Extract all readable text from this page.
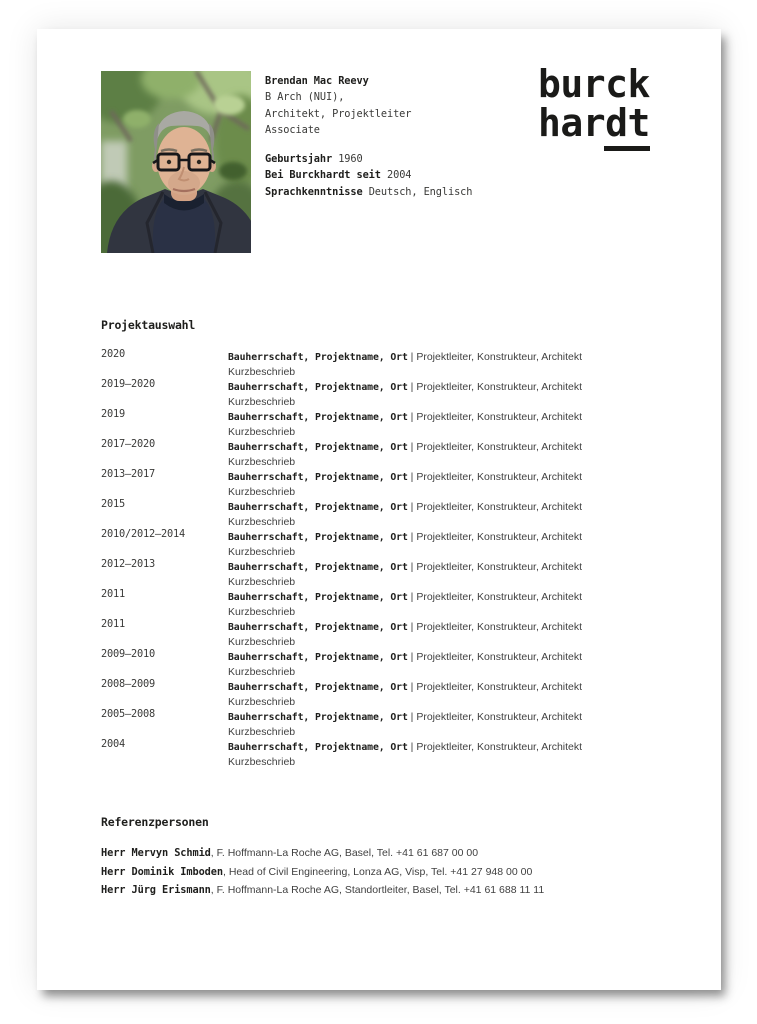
Brendan Mac Reevy
B Arch (NUI),
Architekt, Projektleiter
Associate
Geburtsjahr 1960
Bei Burckhardt seit 2004
Sprachkenntnisse Deutsch, Englisch
burck
hardt
Projektauswahl
2020	Bauherrschaft, Projektname, Ort | Projektleiter, Konstrukteur, Architekt
Kurzbeschrieb
2019–2020	Bauherrschaft, Projektname, Ort | Projektleiter, Konstrukteur, Architekt
Kurzbeschrieb
2019	Bauherrschaft, Projektname, Ort | Projektleiter, Konstrukteur, Architekt
Kurzbeschrieb
2017–2020	Bauherrschaft, Projektname, Ort | Projektleiter, Konstrukteur, Architekt
Kurzbeschrieb
2013–2017	Bauherrschaft, Projektname, Ort | Projektleiter, Konstrukteur, Architekt
Kurzbeschrieb
2015	Bauherrschaft, Projektname, Ort | Projektleiter, Konstrukteur, Architekt
Kurzbeschrieb
2010/2012–2014	Bauherrschaft, Projektname, Ort | Projektleiter, Konstrukteur, Architekt
Kurzbeschrieb
2012–2013	Bauherrschaft, Projektname, Ort | Projektleiter, Konstrukteur, Architekt
Kurzbeschrieb
2011	Bauherrschaft, Projektname, Ort | Projektleiter, Konstrukteur, Architekt
Kurzbeschrieb
2011	Bauherrschaft, Projektname, Ort | Projektleiter, Konstrukteur, Architekt
Kurzbeschrieb
2009–2010	Bauherrschaft, Projektname, Ort | Projektleiter, Konstrukteur, Architekt
Kurzbeschrieb
2008–2009	Bauherrschaft, Projektname, Ort | Projektleiter, Konstrukteur, Architekt
Kurzbeschrieb
2005–2008	Bauherrschaft, Projektname, Ort | Projektleiter, Konstrukteur, Architekt
Kurzbeschrieb
2004	Bauherrschaft, Projektname, Ort | Projektleiter, Konstrukteur, Architekt
Kurzbeschrieb
Referenzpersonen
Herr Mervyn Schmid, F. Hoffmann-La Roche AG, Basel, Tel. +41 61 687 00 00
Herr Dominik Imboden, Head of Civil Engineering, Lonza AG, Visp, Tel. +41 27 948 00 00
Herr Jürg Erismann, F. Hoffmann-La Roche AG, Standortleiter, Basel, Tel. +41 61 688 11 11
